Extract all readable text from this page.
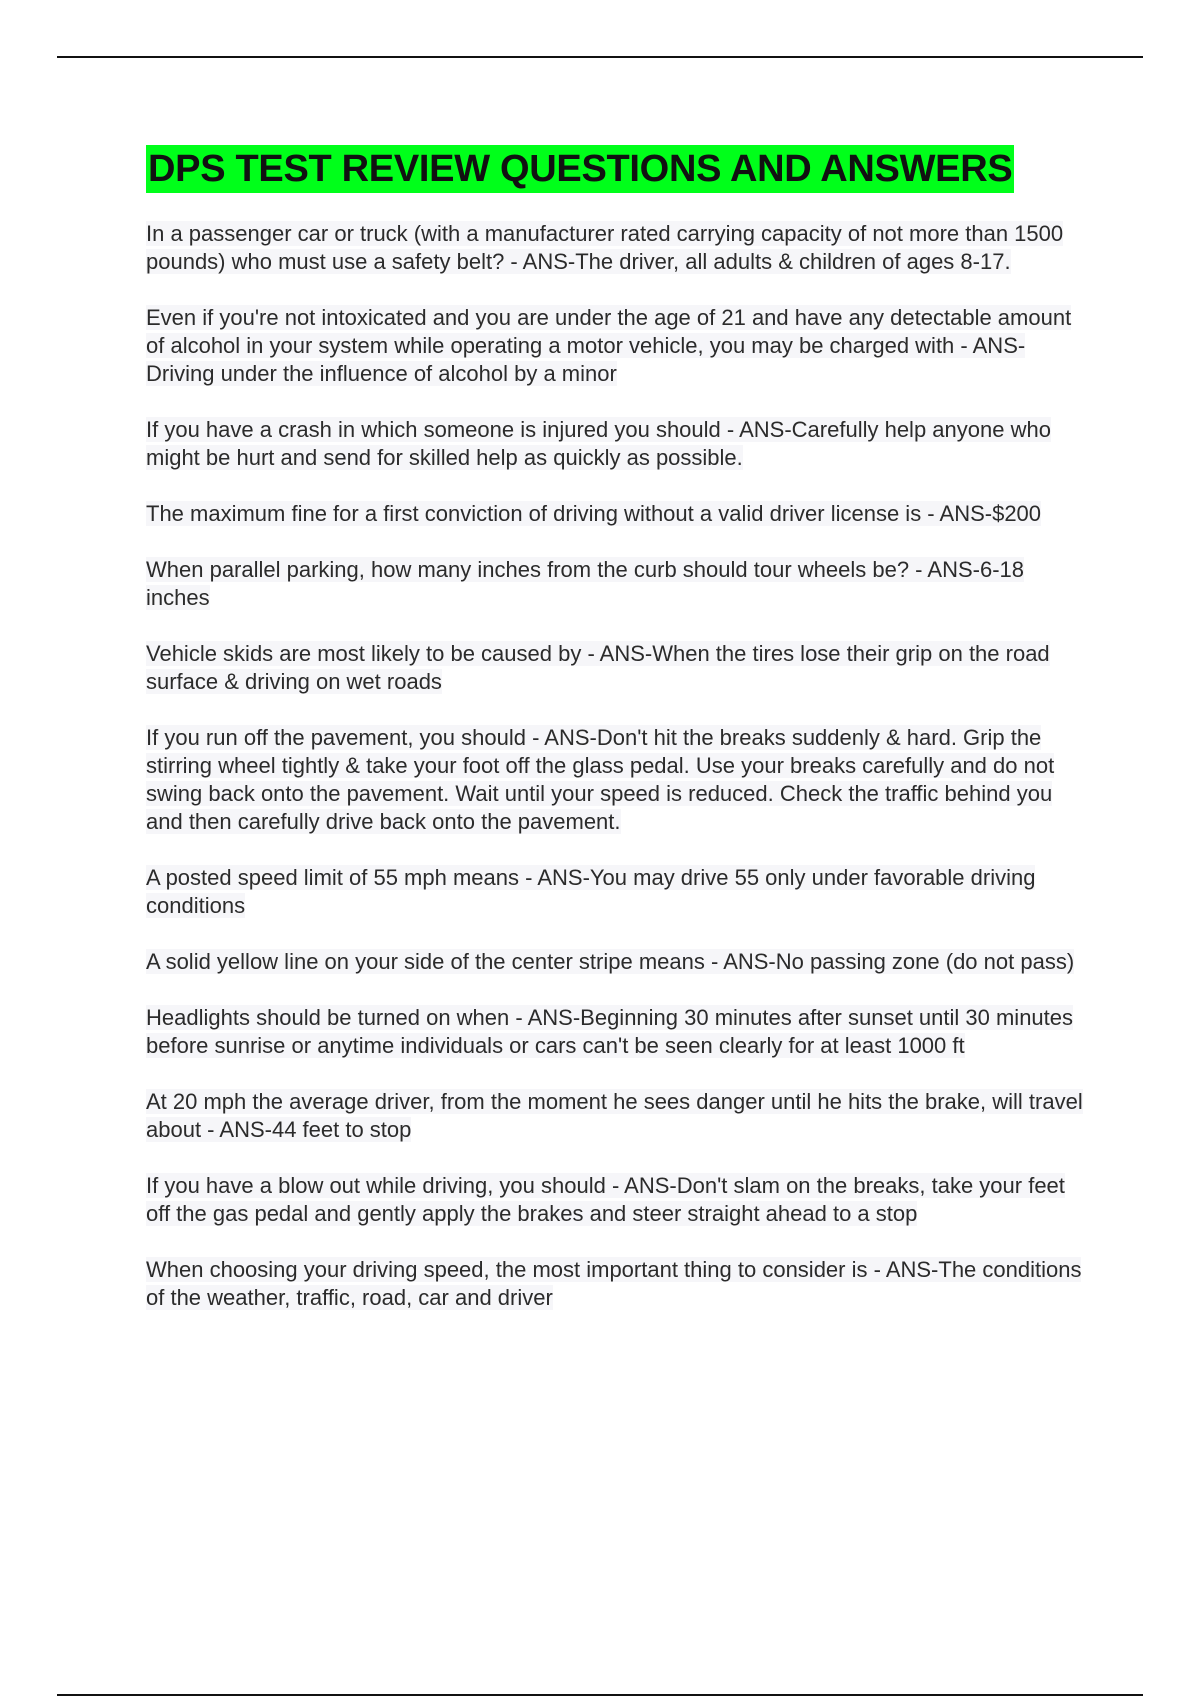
DPS TEST REVIEW QUESTIONS AND ANSWERS

In a passenger car or truck (with a manufacturer rated carrying capacity of not more than 1500 pounds) who must use a safety belt? - ANS-The driver, all adults & children of ages 8-17.

Even if you're not intoxicated and you are under the age of 21 and have any detectable amount of alcohol in your system while operating a motor vehicle, you may be charged with - ANS-Driving under the influence of alcohol by a minor

If you have a crash in which someone is injured you should - ANS-Carefully help anyone who might be hurt and send for skilled help as quickly as possible.

The maximum fine for a first conviction of driving without a valid driver license is - ANS-$200

When parallel parking, how many inches from the curb should tour wheels be? - ANS-6-18 inches

Vehicle skids are most likely to be caused by - ANS-When the tires lose their grip on the road surface & driving on wet roads

If you run off the pavement, you should - ANS-Don't hit the breaks suddenly & hard. Grip the stirring wheel tightly & take your foot off the glass pedal. Use your breaks carefully and do not swing back onto the pavement. Wait until your speed is reduced. Check the traffic behind you and then carefully drive back onto the pavement.

A posted speed limit of 55 mph means - ANS-You may drive 55 only under favorable driving conditions

A solid yellow line on your side of the center stripe means - ANS-No passing zone (do not pass)

Headlights should be turned on when - ANS-Beginning 30 minutes after sunset until 30 minutes before sunrise or anytime individuals or cars can't be seen clearly for at least 1000 ft

At 20 mph the average driver, from the moment he sees danger until he hits the brake, will travel about - ANS-44 feet to stop

If you have a blow out while driving, you should - ANS-Don't slam on the breaks, take your feet off the gas pedal and gently apply the brakes and steer straight ahead to a stop

When choosing your driving speed, the most important thing to consider is - ANS-The conditions of the weather, traffic, road, car and driver
